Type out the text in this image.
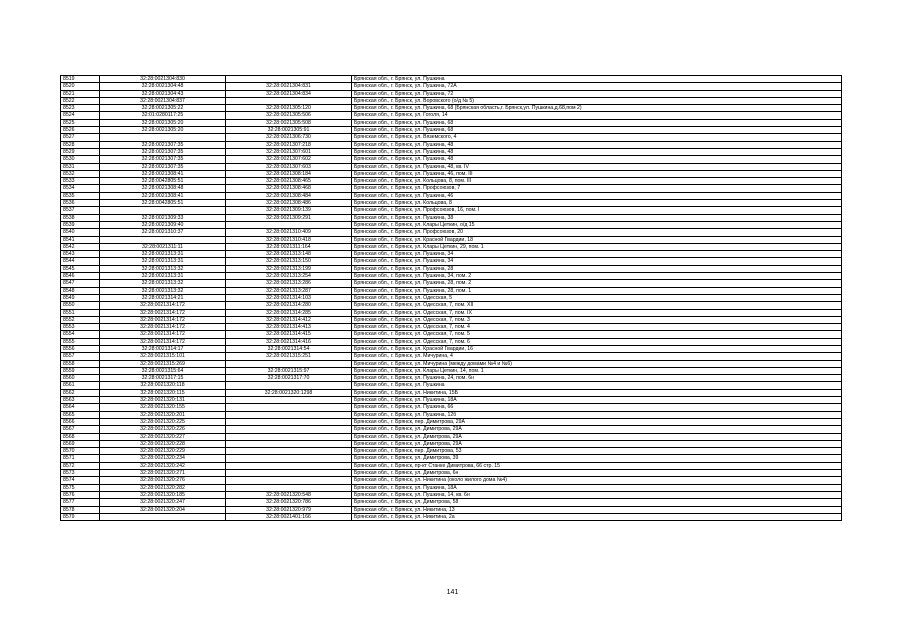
8519	32:28:0021304:830		Брянская обл., г. Брянск, ул. Пушкина
8520	32:28:0021304:48	32:28:0021304:831	Брянская обл., г. Брянск, ул. Пушкина, 72А
8521	32:28:0021304:43	32:28:0021304:834	Брянская обл., г. Брянск, ул. Пушкина, 72
8522	32:28:0021304:837		Брянская обл., г. Брянск, ул. Воровского (о/д № 5)
8523	32:28:0021305:22	32:28:0021305:120	Брянская обл., г. Брянск, ул. Пушкина, 68 (Брянская область,г. Брянск,ул. Пушкина,д.68,пом 2)
8524	32:01:0280117:25	32:28:0021305:506	Брянская обл., г. Брянск, ул. Гоголя, 14
8525	32:28:0021305:20	32:28:0021305:508	Брянская обл., г. Брянск, ул. Пушкина, 68
8526	32:28:0021305:20	32:28:0021305:91	Брянская обл., г. Брянск, ул. Пушкина, 68
8527		32:28:0021306:730	Брянская обл., г. Брянск, ул. Вяземского, 4
8528	32:28:0021307:35	32:28:0021307:218	Брянская обл., г. Брянск, ул. Пушкина, 48
8529	32:28:0021307:35	32:28:0021307:601	Брянская обл., г. Брянск, ул. Пушкина, 48
8530	32:28:0021307:35	32:28:0021307:602	Брянская обл., г. Брянск, ул. Пушкина, 48
8531	32:28:0021307:35	32:28:0021307:603	Брянская обл., г. Брянск, ул. Пушкина, 48, кв. IV
8532	32:28:0021308:41	32:28:0021308:184	Брянская обл., г. Брянск, ул. Пушкина, 46, пом. III
8533	32:28:0042805:51	32:28:0021308:465	Брянская обл., г. Брянск, ул. Кольцова, 8, пом. III
8534	32:28:0021308:48	32:28:0021308:468	Брянская обл., г. Брянск, ул. Профсоюзов, 7
8535	32:28:0021308:41	32:28:0021308:484	Брянская обл., г. Брянск, ул. Пушкина, 46
8536	32:28:0042805:51	32:28:0021308:486	Брянская обл., г. Брянск, ул. Кольцова, 8
8537		32:28:0021309:139	Брянская обл., г. Брянск, ул. Профсоюзов, 16, пом. I
8538	32:28:0021309:33	32:28:0021309:291	Брянская обл., г. Брянск, ул. Пушкина, 38
8539	32:28:0021309:40		Брянская обл., г. Брянск, ул. Клары Цеткин, о/д 15
8540	32:28:0021310:37	32:28:0021310:409	Брянская обл., г. Брянск, ул. Профсоюзов, 20
8541		32:28:0021310:418	Брянская обл., г. Брянск, ул. Красной Гвардии, 18
8542	32:28:0021311:11	32:28:0021311:164	Брянская обл., г. Брянск, ул. Клары Цеткин, 29, пом. 1
8543	32:28:0021313:31	32:28:0021313:148	Брянская обл., г. Брянск, ул. Пушкина, 34
8544	32:28:0021313:31	32:28:0021313:150	Брянская обл., г. Брянск, ул. Пушкина, 34
8545	32:28:0021313:32	32:28:0021313:199	Брянская обл., г. Брянск, ул. Пушкина, 28
8546	32:28:0021313:31	32:28:0021313:254	Брянская обл., г. Брянск, ул. Пушкина, 34, пом. 2
8547	32:28:0021313:32	32:28:0021313:286	Брянская обл., г. Брянск, ул. Пушкина, 28, пом. 2
8548	32:28:0021313:32	32:28:0021313:287	Брянская обл., г. Брянск, ул. Пушкина, 28, пом. 1
8549	32:28:0021314:21	32:28:0021314:103	Брянская обл., г. Брянск, ул. Одесская, 5
8550	32:28:0021314:172	32:28:0021314:280	Брянская обл., г. Брянск, ул. Одесская, 7, пом. XII
8551	32:28:0021314:172	32:28:0021314:285	Брянская обл., г. Брянск, ул. Одесская, 7, пом. IX
8552	32:28:0021314:172	32:28:0021314:412	Брянская обл., г. Брянск, ул. Одесская, 7, пом. 3
8553	32:28:0021314:172	32:28:0021314:413	Брянская обл., г. Брянск, ул. Одесская, 7, пом. 4
8554	32:28:0021314:172	32:28:0021314:415	Брянская обл., г. Брянск, ул. Одесская, 7, пом. 5
8555	32:28:0021314:172	32:28:0021314:416	Брянская обл., г. Брянск, ул. Одесская, 7, пом. 6
8556	32:28:0021314:17	32:28:0021314:54	Брянская обл., г. Брянск, ул. Красной Гвардии, 16
8557	32:28:0021315:101	32:28:0021315:251	Брянская обл., г. Брянск, ул. Мичурина, 4
8558	32:28:0021315:269		Брянская обл., г. Брянск, ул. Мичурина (между домами №4 и №6)
8559	32:28:0021315:64	32:28:0021315:97	Брянская обл., г. Брянск, ул. Клары Цеткин, 14, пом. 1
8560	32:28:0021317:15	32:28:0021317:70	Брянская обл., г. Брянск, ул. Пушкина, 24, пом. 6н
8561	32:28:0021320:118		Брянская обл., г. Брянск, ул. Пушкина
8562	32:28:0021320:115	32:28:0021320:1298	Брянская обл., г. Брянск, ул. Никитина, 15Б
8563	32:28:0021320:131		Брянская обл., г. Брянск, ул. Пушкина, 18А
8564	32:28:0021320:155		Брянская обл., г. Брянск, ул. Пушкина, 66
8565	32:28:0021320:201		Брянская обл., г. Брянск, ул. Пушкина, 12б
8566	32:28:0021320:225		Брянская обл., г. Брянск, пер. Димитрова, 29А
8567	32:28:0021320:226		Брянская обл., г. Брянск, ул. Димитрова, 29А
8568	32:28:0021320:227		Брянская обл., г. Брянск, ул. Димитрова, 29А
8569	32:28:0021320:228		Брянская обл., г. Брянск, ул. Димитрова, 29А
8570	32:28:0021320:229		Брянская обл., г. Брянск, пер. Димитрова, 53
8571	32:28:0021320:234		Брянская обл., г. Брянск, ул. Димитрова, 39
8572	32:28:0021320:242		Брянская обл., г. Брянск, пр-кт Станке Димитрова, 66 стр. 15
8573	32:28:0021320:271		Брянская обл., г. Брянск, ул. Димитрова, 6н
8574	32:28:0021320:276		Брянская обл., г. Брянск, ул. Никитина (около жилого дома №4)
8575	32:28:0021320:282		Брянская обл., г. Брянск, ул. Пушкина, 18А
8576	32:28:0021320:185	32:28:0021320:548	Брянская обл., г. Брянск, ул. Пушкина, 14, кв. 6н
8577	32:28:0021320:247	32:28:0021320:786	Брянская обл., г. Брянск, ул. Димитрова, 58
8578	32:28:0021320:204	32:28:0021320:979	Брянская обл., г. Брянск, ул. Никитина, 13
8579		32:28:0021401:166	Брянская обл., г. Брянск, ул. Никитина, 2а
141
